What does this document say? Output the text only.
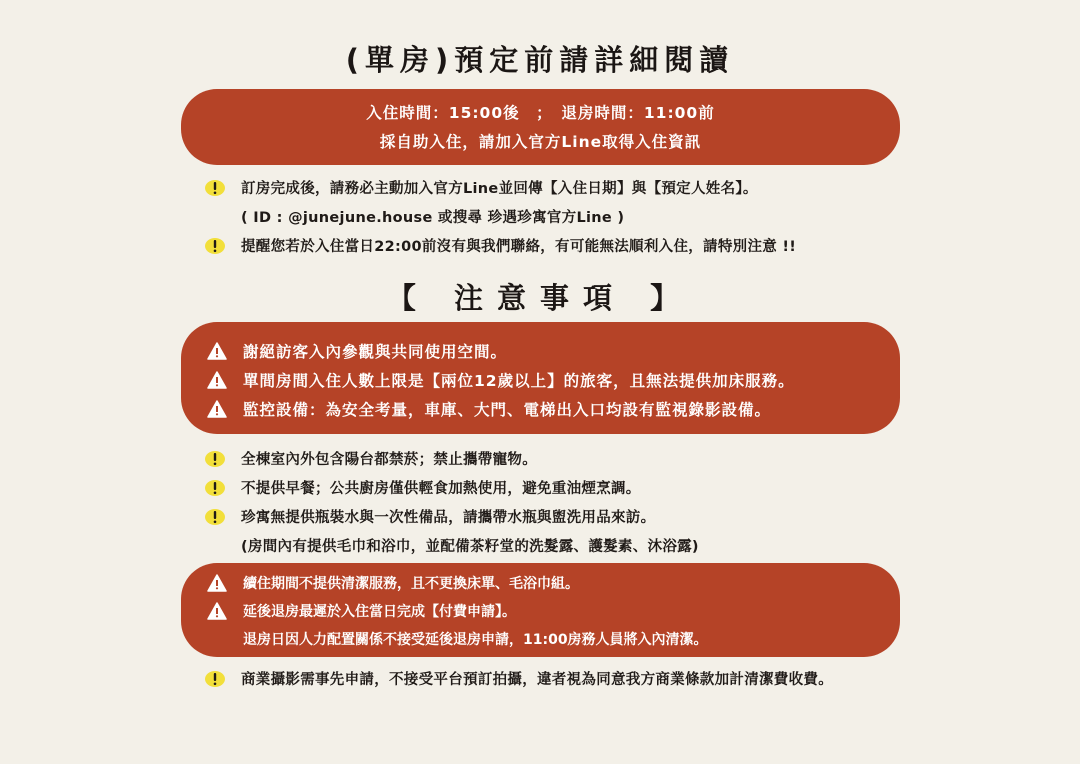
(單房)預定前請詳細閱讀
入住時間：15:00後　；　退房時間：11:00前
採自助入住，請加入官方Line取得入住資訊
訂房完成後，請務必主動加入官方Line並回傳【入住日期】與【預定人姓名】。
( ID : @junejune.house 或搜尋 珍遇珍寓官方Line )
提醒您若於入住當日22:00前沒有與我們聯絡，有可能無法順利入住，請特別注意 !!
【 注意事項 】
謝絕訪客入內參觀與共同使用空間。
單間房間入住人數上限是【兩位12歲以上】的旅客，且無法提供加床服務。
監控設備：為安全考量，車庫、大門、電梯出入口均設有監視錄影設備。
全棟室內外包含陽台都禁菸；禁止攜帶寵物。
不提供早餐；公共廚房僅供輕食加熱使用，避免重油煙烹調。
珍寓無提供瓶裝水與一次性備品，請攜帶水瓶與盥洗用品來訪。
(房間內有提供毛巾和浴巾，並配備茶籽堂的洗髮露、護髮素、沐浴露)
續住期間不提供清潔服務，且不更換床單、毛浴巾組。
延後退房最遲於入住當日完成【付費申請】。
退房日因人力配置關係不接受延後退房申請，11:00房務人員將入內清潔。
商業攝影需事先申請，不接受平台預訂拍攝，違者視為同意我方商業條款加計清潔費收費。
